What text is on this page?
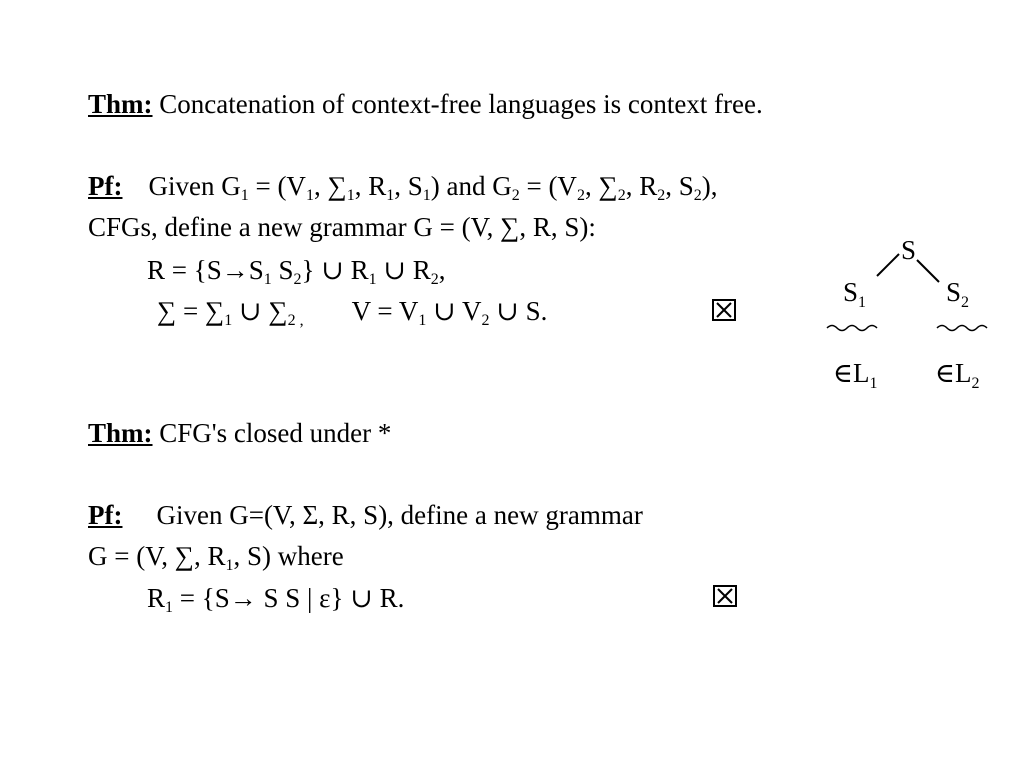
Thm: Concatenation of context-free languages is context free.
Pf: Given $G_1 = (V_1$, $\sum_1$, $R_1$, $S_1$) and $G_2 = (V_2$, $\sum_2$, $R_2$, $S_2$),
CFGs, define a new grammar G = (V, ∑, R, S):
$R = \{S\to S_1$ $S_2$} ∪ $R_1$ ∪ $R_2$,
∑ = $\sum_1$ ∪ $\sum_{2 ,}$ $V = V_1$ ∪ $V_2$ ∪ S.
S
$S_1$	$S_2$
$\in L_1$ $\in L_2$
Thm: CFG's closed under *
Pf: Given G=(V, Σ, R, S), define a new grammar
G = (V, ∑, $R_1$, S) where
$R_1 = \{S\to S$ S | ε} ∪ R.
